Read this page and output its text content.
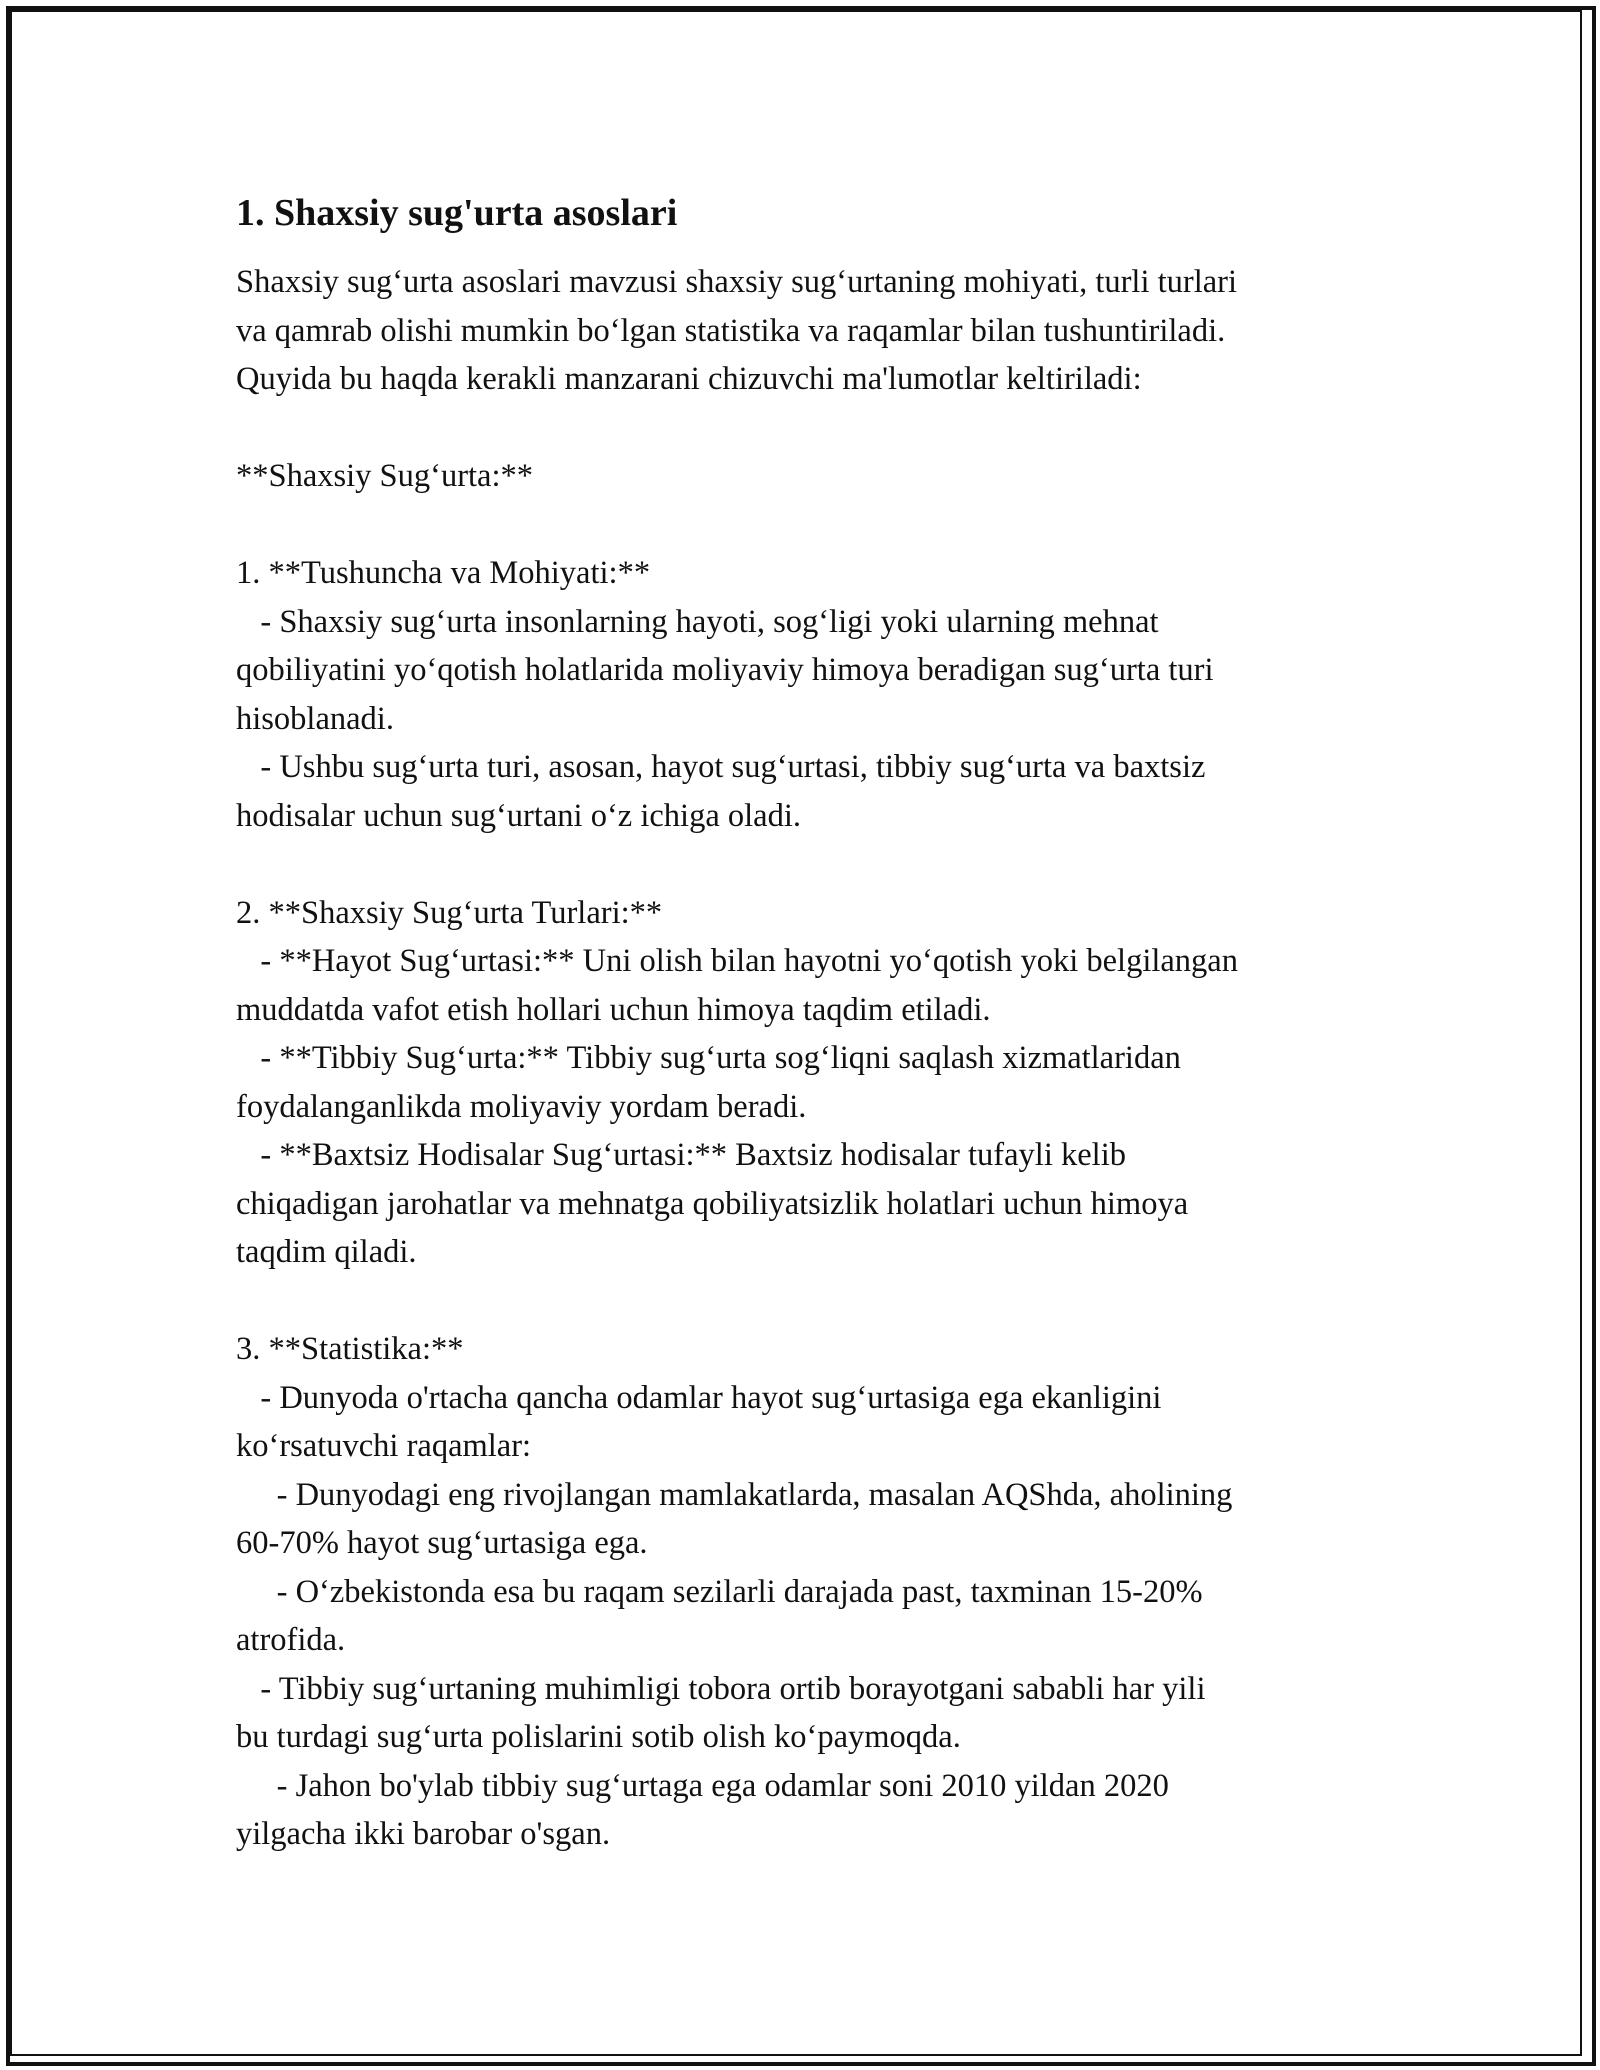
1. Shaxsiy sug'urta asoslari
Shaxsiy sug‘urta asoslari mavzusi shaxsiy sug‘urtaning mohiyati, turli turlari
va qamrab olishi mumkin bo‘lgan statistika va raqamlar bilan tushuntiriladi.
Quyida bu haqda kerakli manzarani chizuvchi ma'lumotlar keltiriladi:
**Shaxsiy Sug‘urta:**
1. **Tushuncha va Mohiyati:**
- Shaxsiy sug‘urta insonlarning hayoti, sog‘ligi yoki ularning mehnat
qobiliyatini yo‘qotish holatlarida moliyaviy himoya beradigan sug‘urta turi
hisoblanadi.
- Ushbu sug‘urta turi, asosan, hayot sug‘urtasi, tibbiy sug‘urta va baxtsiz
hodisalar uchun sug‘urtani o‘z ichiga oladi.
2. **Shaxsiy Sug‘urta Turlari:**
- **Hayot Sug‘urtasi:** Uni olish bilan hayotni yo‘qotish yoki belgilangan
muddatda vafot etish hollari uchun himoya taqdim etiladi.
- **Tibbiy Sug‘urta:** Tibbiy sug‘urta sog‘liqni saqlash xizmatlaridan
foydalanganlikda moliyaviy yordam beradi.
- **Baxtsiz Hodisalar Sug‘urtasi:** Baxtsiz hodisalar tufayli kelib
chiqadigan jarohatlar va mehnatga qobiliyatsizlik holatlari uchun himoya
taqdim qiladi.
3. **Statistika:**
- Dunyoda o'rtacha qancha odamlar hayot sug‘urtasiga ega ekanligini
ko‘rsatuvchi raqamlar:
- Dunyodagi eng rivojlangan mamlakatlarda, masalan AQShda, aholining
60-70% hayot sug‘urtasiga ega.
- O‘zbekistonda esa bu raqam sezilarli darajada past, taxminan 15-20%
atrofida.
- Tibbiy sug‘urtaning muhimligi tobora ortib borayotgani sababli har yili
bu turdagi sug‘urta polislarini sotib olish ko‘paymoqda.
- Jahon bo'ylab tibbiy sug‘urtaga ega odamlar soni 2010 yildan 2020
yilgacha ikki barobar o'sgan.
